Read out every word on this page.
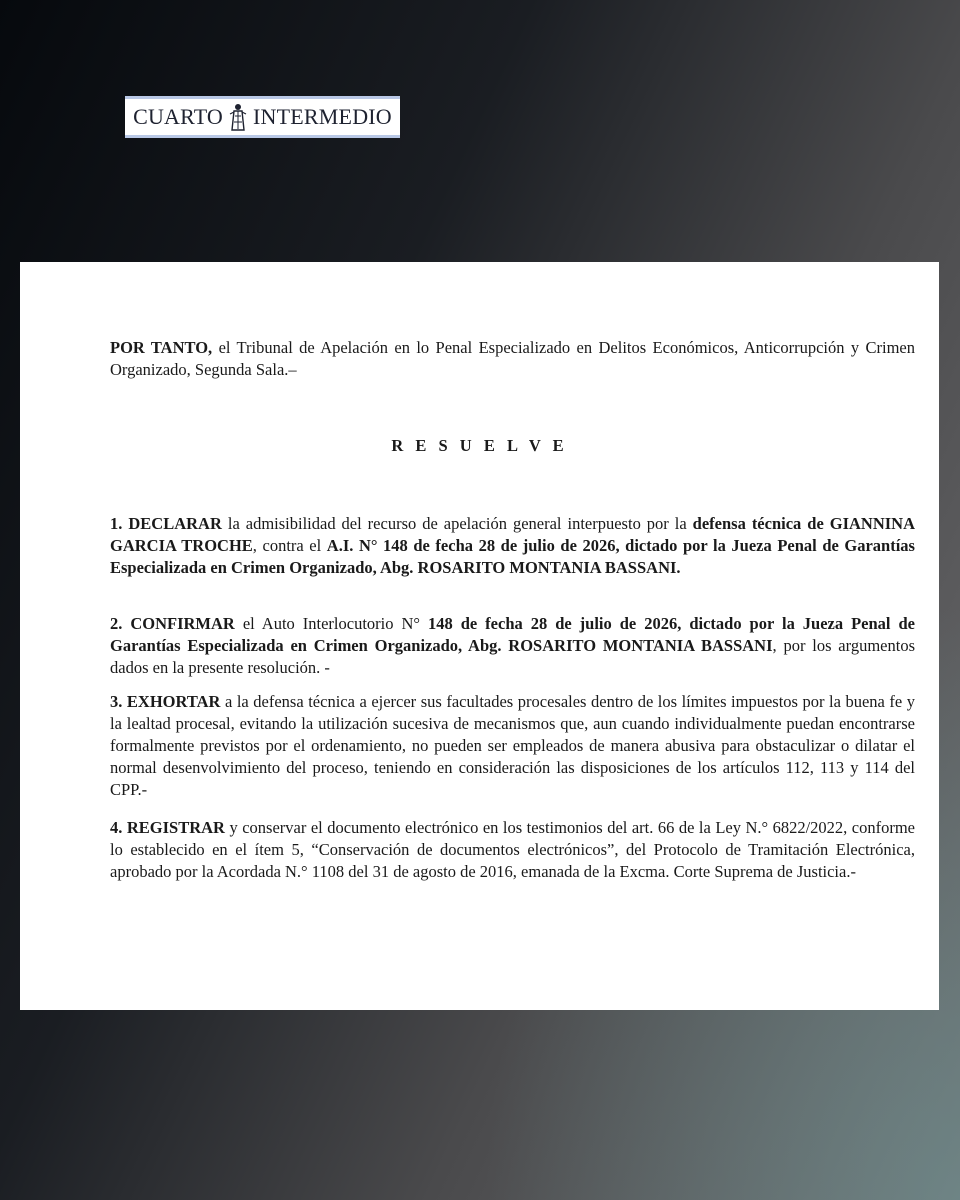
CUARTO INTERMEDIO
POR TANTO, el Tribunal de Apelación en lo Penal Especializado en Delitos Económicos, Anticorrupción y Crimen Organizado, Segunda Sala.–
R E S U E L V E
1. DECLARAR la admisibilidad del recurso de apelación general interpuesto por la defensa técnica de GIANNINA GARCIA TROCHE, contra el A.I. N° 148 de fecha 28 de julio de 2026, dictado por la Jueza Penal de Garantías Especializada en Crimen Organizado, Abg. ROSARITO MONTANIA BASSANI.
2. CONFIRMAR el Auto Interlocutorio N° 148 de fecha 28 de julio de 2026, dictado por la Jueza Penal de Garantías Especializada en Crimen Organizado, Abg. ROSARITO MONTANIA BASSANI, por los argumentos dados en la presente resolución. -
3. EXHORTAR a la defensa técnica a ejercer sus facultades procesales dentro de los límites impuestos por la buena fe y la lealtad procesal, evitando la utilización sucesiva de mecanismos que, aun cuando individualmente puedan encontrarse formalmente previstos por el ordenamiento, no pueden ser empleados de manera abusiva para obstaculizar o dilatar el normal desenvolvimiento del proceso, teniendo en consideración las disposiciones de los artículos 112, 113 y 114 del CPP.-
4. REGISTRAR y conservar el documento electrónico en los testimonios del art. 66 de la Ley N.° 6822/2022, conforme lo establecido en el ítem 5, “Conservación de documentos electrónicos”, del Protocolo de Tramitación Electrónica, aprobado por la Acordada N.° 1108 del 31 de agosto de 2016, emanada de la Excma. Corte Suprema de Justicia.-
